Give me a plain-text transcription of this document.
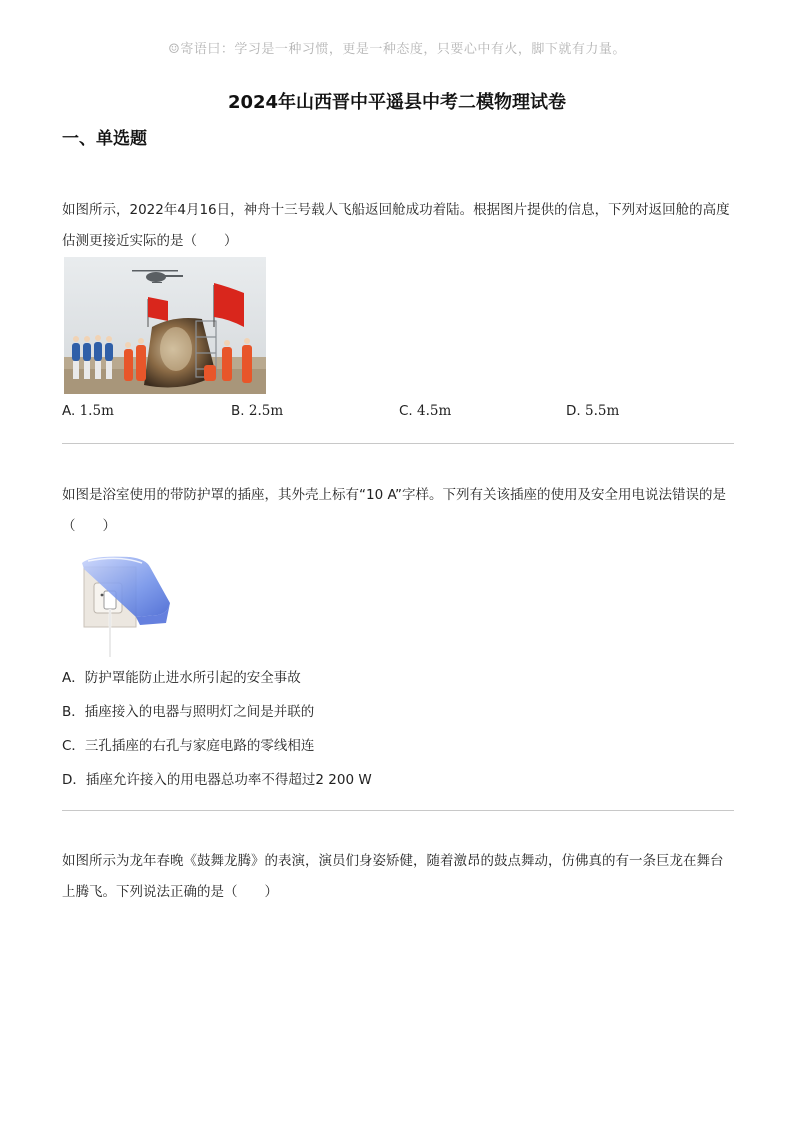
☺寄语曰：学习是一种习惯，更是一种态度，只要心中有火，脚下就有力量。
2024年山西晋中平遥县中考二模物理试卷
一、单选题
如图所示，2022年4月16日，神舟十三号载人飞船返回舱成功着陆。根据图片提供的信息，下列对返回舱的高度估测更接近实际的是（　　）
A. 1.5m	B. 2.5m	C. 4.5m	D. 5.5m
如图是浴室使用的带防护罩的插座，其外壳上标有“10 A”字样。下列有关该插座的使用及安全用电说法错误的是（　　）
A．防护罩能防止进水所引起的安全事故
B．插座接入的电器与照明灯之间是并联的
C．三孔插座的右孔与家庭电路的零线相连
D．插座允许接入的用电器总功率不得超过2 200 W
如图所示为龙年春晚《鼓舞龙腾》的表演，演员们身姿矫健，随着激昂的鼓点舞动，仿佛真的有一条巨龙在舞台上腾飞。下列说法正确的是（　　）
